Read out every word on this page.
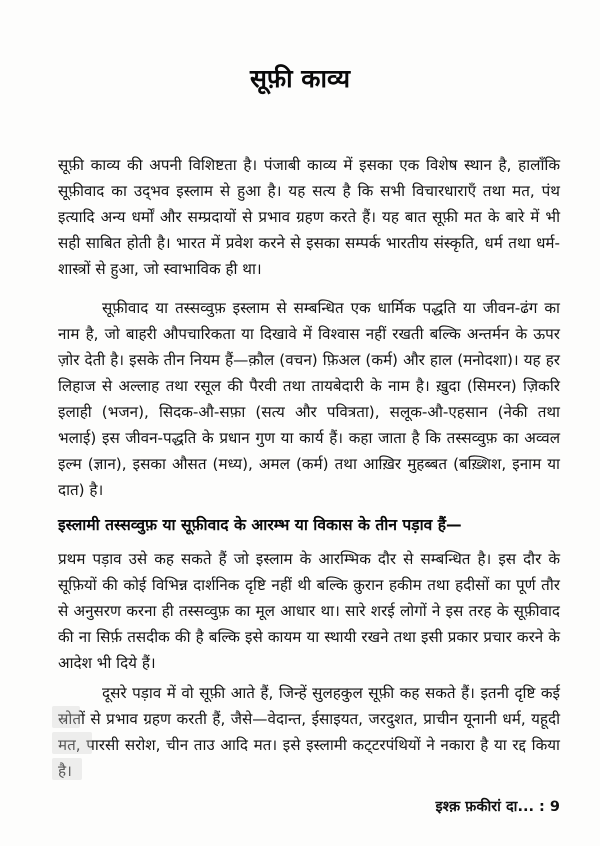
सूफ़ी काव्य
सूफ़ी काव्य की अपनी विशिष्टता है। पंजाबी काव्य में इसका एक विशेष स्थान है, हालाँकि सूफ़ीवाद का उद्‌भव इस्लाम से हुआ है। यह सत्य है कि सभी विचारधाराएँ तथा मत, पंथ इत्यादि अन्य धर्मों और सम्प्रदायों से प्रभाव ग्रहण करते हैं। यह बात सूफ़ी मत के बारे में भी सही साबित होती है। भारत में प्रवेश करने से इसका सम्पर्क भारतीय संस्कृति, धर्म तथा धर्म-शास्त्रों से हुआ, जो स्वाभाविक ही था।
सूफ़ीवाद या तस्सव्वुफ़ इस्लाम से सम्बन्धित एक धार्मिक पद्धति या जीवन-ढंग का नाम है, जो बाहरी औपचारिकता या दिखावे में विश्वास नहीं रखती बल्कि अन्तर्मन के ऊपर ज़ोर देती है। इसके तीन नियम हैं—क़ौल (वचन) फ़िअल (कर्म) और हाल (मनोदशा)। यह हर लिहाज से अल्लाह तथा रसूल की पैरवी तथा तायबेदारी के नाम है। ख़ुदा (सिमरन) ज़िकरि इलाही (भजन), सिदक-औ-सफ़ा (सत्य और पवित्रता), सलूक-औ-एहसान (नेकी तथा भलाई) इस जीवन-पद्धति के प्रधान गुण या कार्य हैं। कहा जाता है कि तस्सव्वुफ़ का अव्वल इल्म (ज्ञान), इसका औसत (मध्य), अमल (कर्म) तथा आख़िर मुहब्बत (बख़्शिश, इनाम या दात) है।
इस्लामी तस्सव्वुफ़ या सूफ़ीवाद के आरम्भ या विकास के तीन पड़ाव हैं—
प्रथम पड़ाव उसे कह सकते हैं जो इस्लाम के आरम्भिक दौर से सम्बन्धित है। इस दौर के सूफ़ियों की कोई विभिन्न दार्शनिक दृष्टि नहीं थी बल्कि क़ुरान हकीम तथा हदीसों का पूर्ण तौर से अनुसरण करना ही तस्सव्वुफ़ का मूल आधार था। सारे शरई लोगों ने इस तरह के सूफ़ीवाद की ना सिर्फ़ तसदीक की है बल्कि इसे कायम या स्थायी रखने तथा इसी प्रकार प्रचार करने के आदेश भी दिये हैं।
दूसरे पड़ाव में वो सूफ़ी आते हैं, जिन्हें सुलहकुल सूफ़ी कह सकते हैं। इतनी दृष्टि कई स्रोतों से प्रभाव ग्रहण करती हैं, जैसे—वेदान्त, ईसाइयत, जरदुशत, प्राचीन यूनानी धर्म, यहूदी मत, पारसी सरोश, चीन ताउ आदि मत। इसे इस्लामी कट्‌टरपंथियों ने नकारा है या रद्द किया है।
इश्क़ फ़कीरां दा... : 9
